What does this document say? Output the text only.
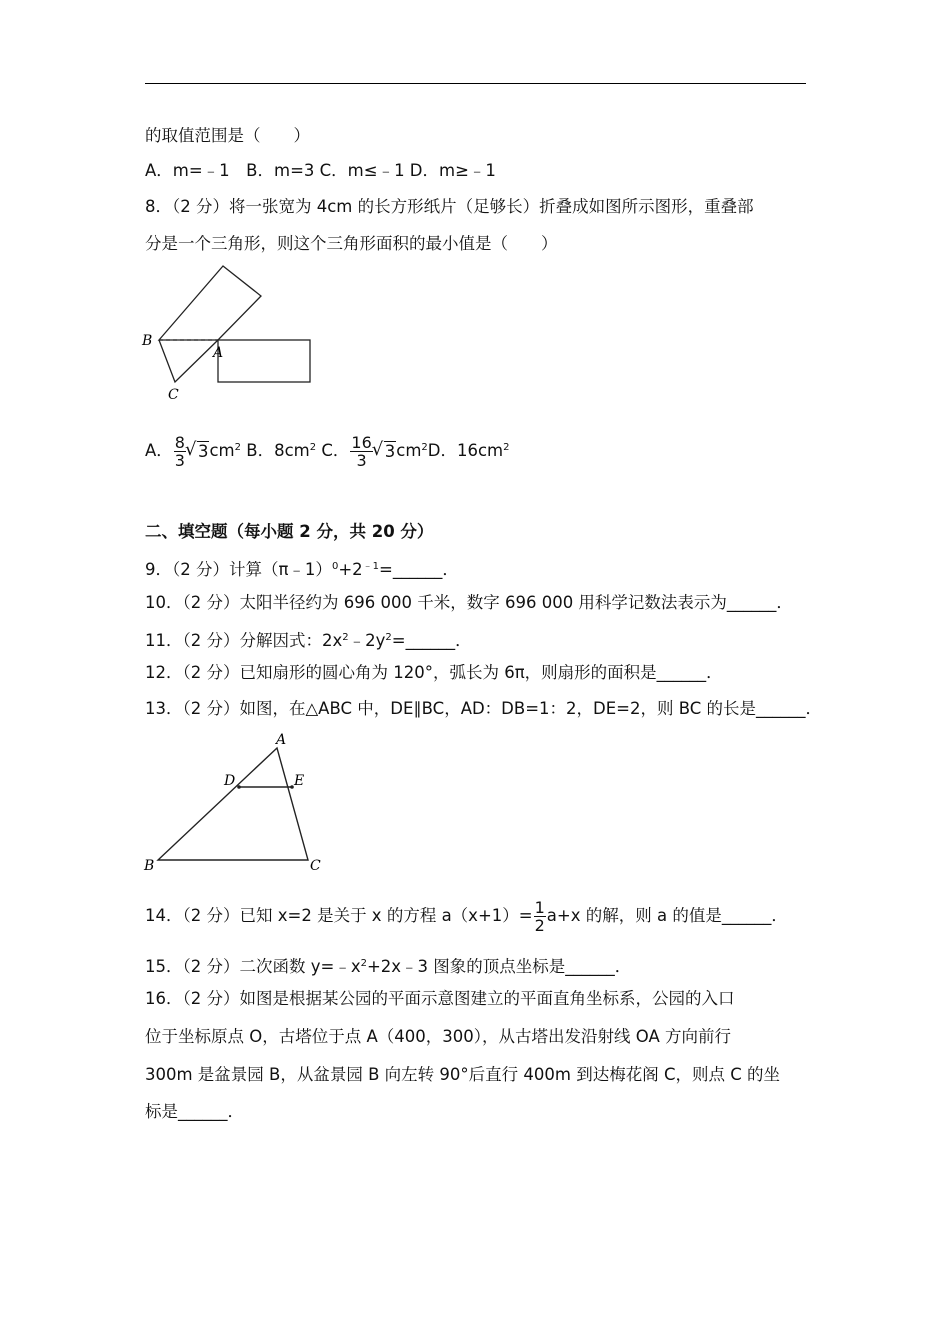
的取值范围是（　　）
A．m=﹣1　B．m=3 C．m≤﹣1 D．m≥﹣1
8．（2 分）将一张宽为 4cm 的长方形纸片（足够长）折叠成如图所示图形，重叠部
分是一个三角形，则这个三角形面积的最小值是（　　）
B
A
C
A． $\frac{8}{3}$ √ $3cm^2$ B．$8cm^2$ C． $\frac{16}{3}$ √ $3cm^2D$．$16cm^2$
二、填空题（每小题 2 分，共 20 分）
9．（2 分）计算$(\pi﹣1)^0+2^{﹣1}=\_\_\_\_\_\_$．
10．（2 分）太阳半径约为 696 000 千米，数字 696 000 用科学记数法表示为______．
11．（2 分）分解因式：$2x^2﹣2y^2=\_\_\_\_\_\_$．
12．（2 分）已知扇形的圆心角为 120°，弧长为 6π，则扇形的面积是______．
13．（2 分）如图，在△ABC 中，DE∥BC，AD：DB=1：2，DE=2，则 BC 的长是______．
A
D	E
B	C
14．（2 分）已知 x=2 是关于 x 的方程 $a(x+1)= \frac{1}{2} a+x$ 的解，则 a 的值是______．
15．（2 分）二次函数 $y=﹣x^2+2x﹣3$ 图象的顶点坐标是______．
16．（2 分）如图是根据某公园的平面示意图建立的平面直角坐标系，公园的入口
位于坐标原点 O，古塔位于点 A（400，300），从古塔出发沿射线 OA 方向前行
300m 是盆景园 B，从盆景园 B 向左转 90°后直行 400m 到达梅花阁 C，则点 C 的坐
标是______．
